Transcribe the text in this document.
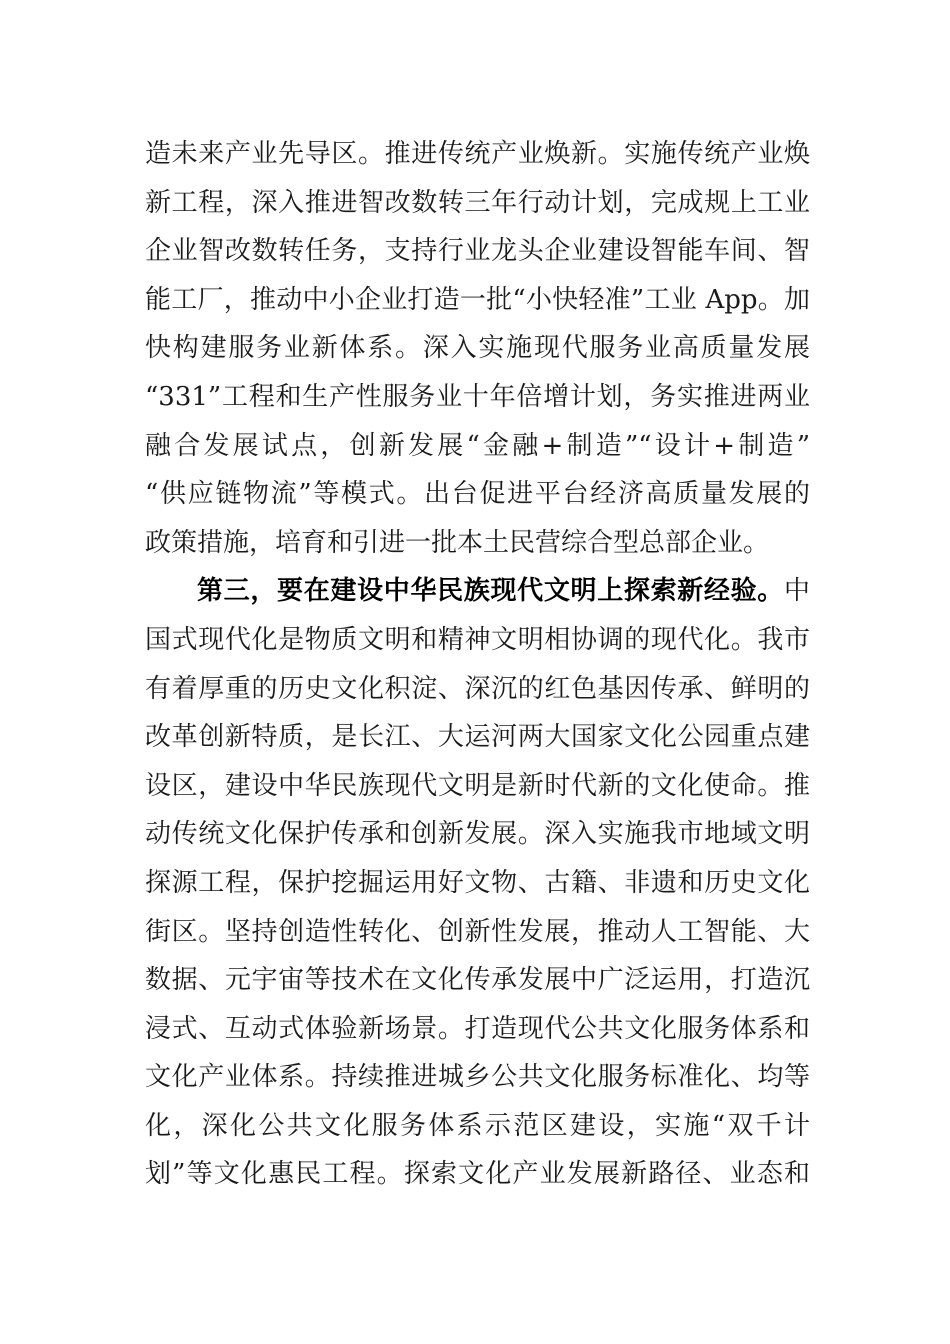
造未来产业先导区。推进传统产业焕新。实施传统产业焕
新工程，深入推进智改数转三年行动计划，完成规上工业
企业智改数转任务，支持行业龙头企业建设智能车间、智
能工厂，推动中小企业打造一批“小快轻准”工业 App。加
快构建服务业新体系。深入实施现代服务业高质量发展
“331”工程和生产性服务业十年倍增计划，务实推进两业
融合发展试点，创新发展“金融+制造”“设计+制造”
“供应链物流”等模式。出台促进平台经济高质量发展的
政策措施，培育和引进一批本土民营综合型总部企业。
第三，要在建设中华民族现代文明上探索新经验。中
国式现代化是物质文明和精神文明相协调的现代化。我市
有着厚重的历史文化积淀、深沉的红色基因传承、鲜明的
改革创新特质，是长江、大运河两大国家文化公园重点建
设区，建设中华民族现代文明是新时代新的文化使命。推
动传统文化保护传承和创新发展。深入实施我市地域文明
探源工程，保护挖掘运用好文物、古籍、非遗和历史文化
街区。坚持创造性转化、创新性发展，推动人工智能、大
数据、元宇宙等技术在文化传承发展中广泛运用，打造沉
浸式、互动式体验新场景。打造现代公共文化服务体系和
文化产业体系。持续推进城乡公共文化服务标准化、均等
化，深化公共文化服务体系示范区建设，实施“双千计
划”等文化惠民工程。探索文化产业发展新路径、业态和
